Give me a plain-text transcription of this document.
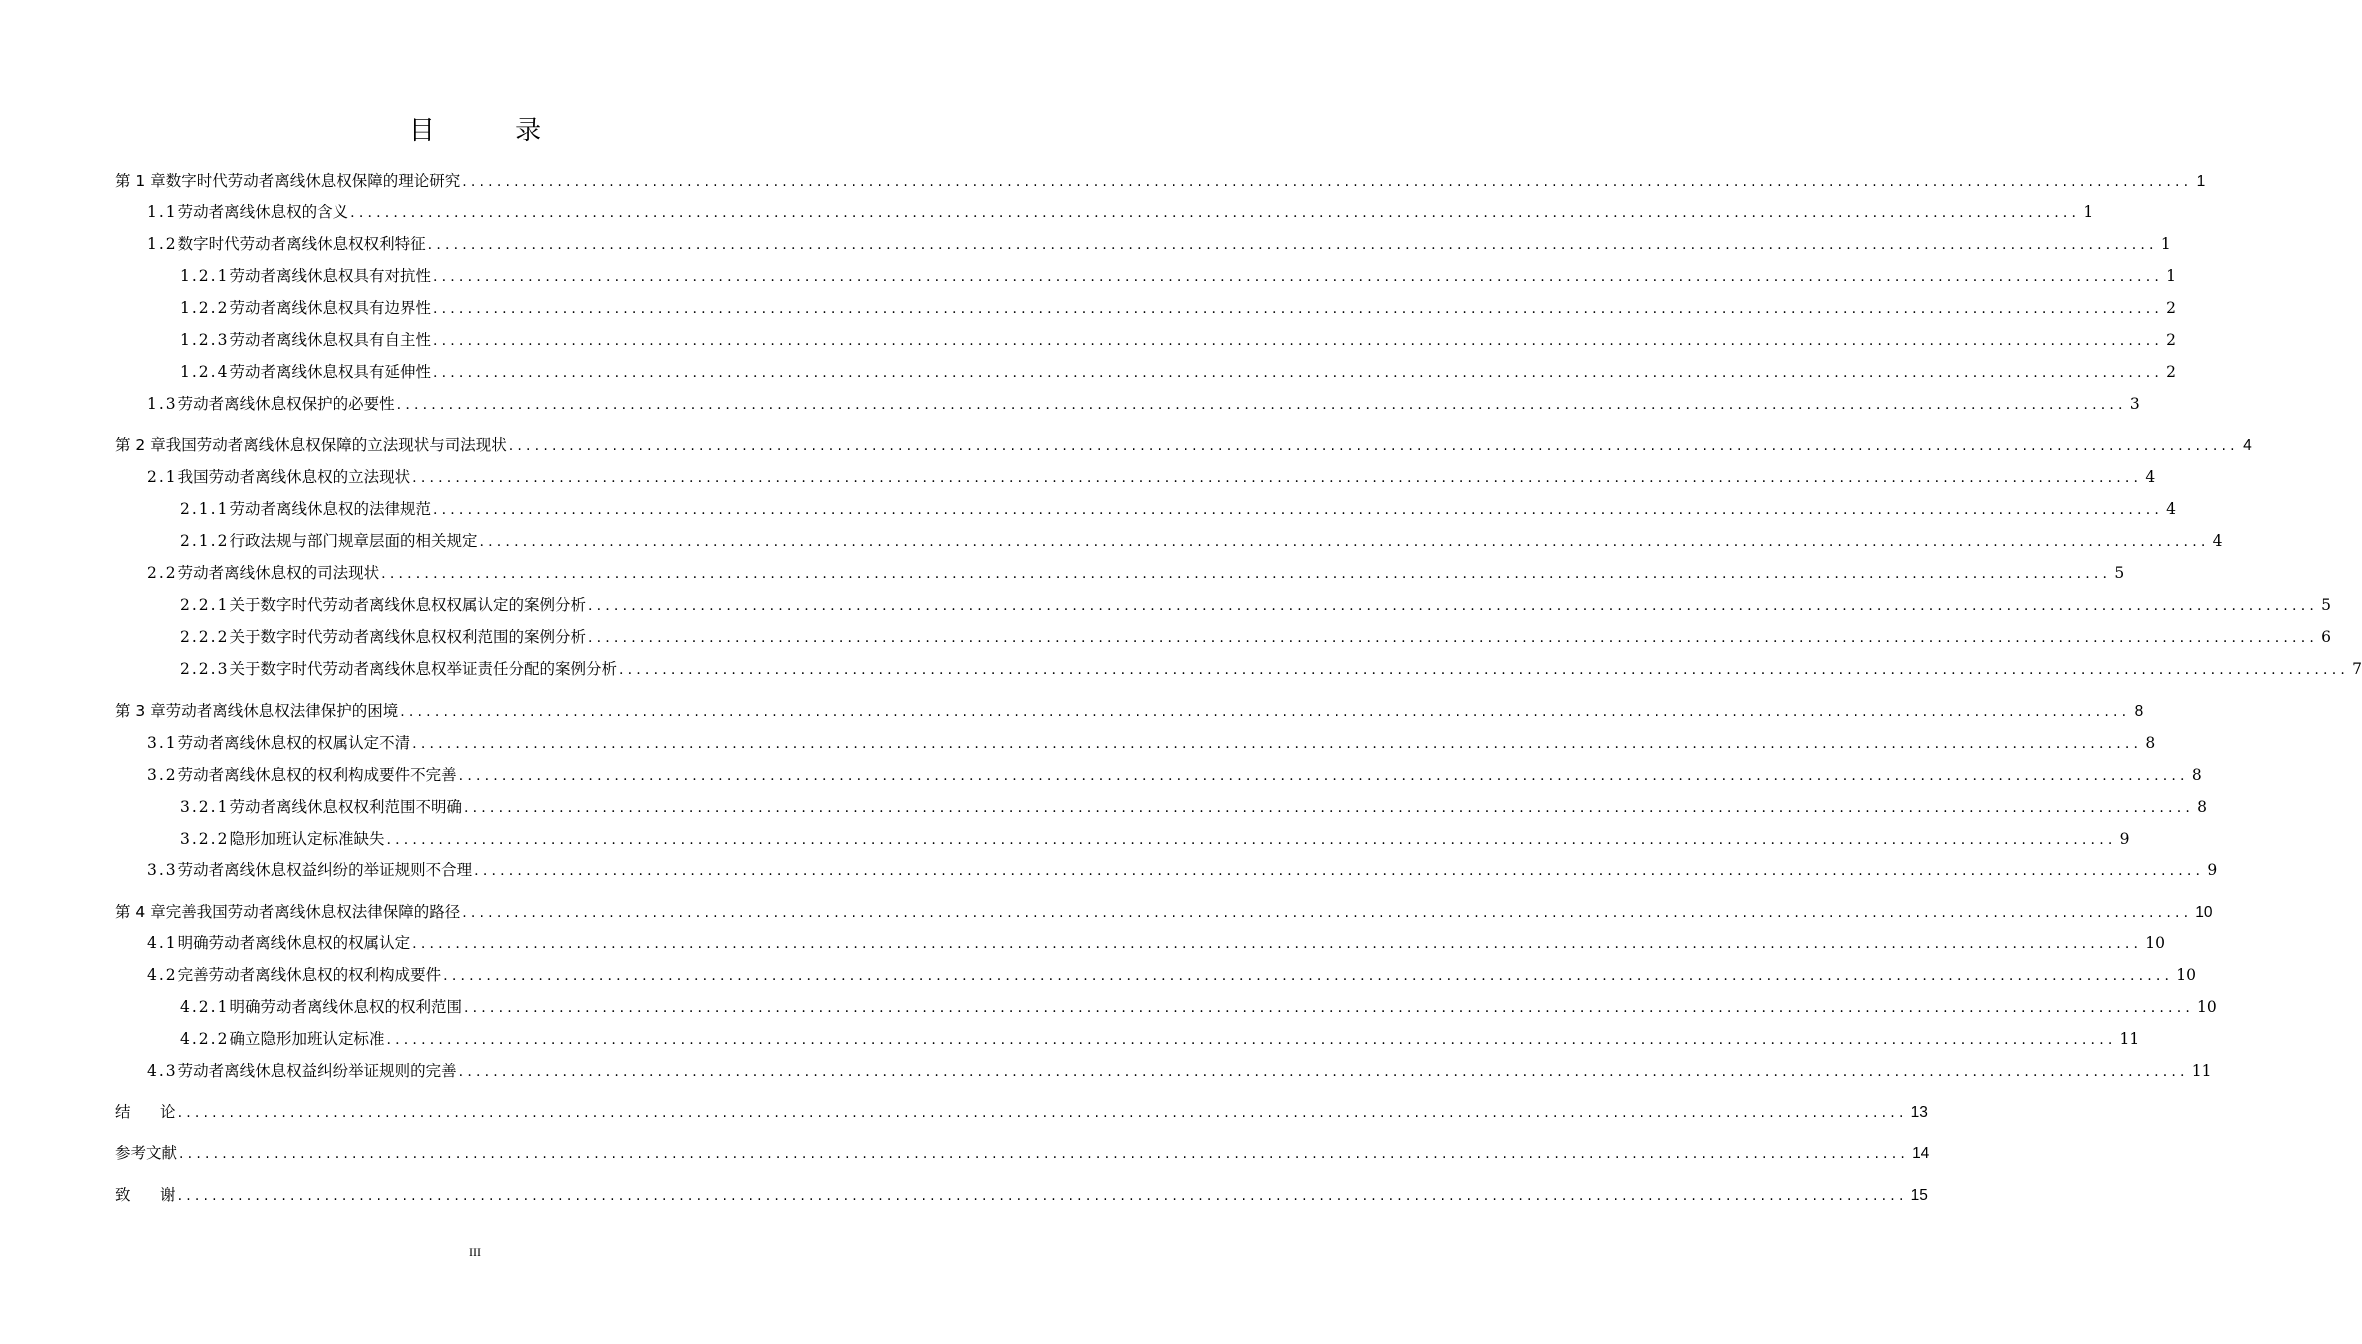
目 录
第 1 章 数字时代劳动者离线休息权保障的理论研究 ........................................................................................................................................................................................................ 1
1.1 劳动者离线休息权的含义 ........................................................................................................................................................................................................ 1
1.2 数字时代劳动者离线休息权权利特征 ........................................................................................................................................................................................................ 1
1.2.1 劳动者离线休息权具有对抗性 ........................................................................................................................................................................................................ 1
1.2.2 劳动者离线休息权具有边界性 ........................................................................................................................................................................................................ 2
1.2.3 劳动者离线休息权具有自主性 ........................................................................................................................................................................................................ 2
1.2.4 劳动者离线休息权具有延伸性 ........................................................................................................................................................................................................ 2
1.3 劳动者离线休息权保护的必要性 ........................................................................................................................................................................................................ 3
第 2 章 我国劳动者离线休息权保障的立法现状与司法现状 ........................................................................................................................................................................................................ 4
2.1 我国劳动者离线休息权的立法现状 ........................................................................................................................................................................................................ 4
2.1.1 劳动者离线休息权的法律规范 ........................................................................................................................................................................................................ 4
2.1.2 行政法规与部门规章层面的相关规定 ........................................................................................................................................................................................................ 4
2.2 劳动者离线休息权的司法现状 ........................................................................................................................................................................................................ 5
2.2.1 关于数字时代劳动者离线休息权权属认定的案例分析 ........................................................................................................................................................................................................ 5
2.2.2 关于数字时代劳动者离线休息权权利范围的案例分析 ........................................................................................................................................................................................................ 6
2.2.3 关于数字时代劳动者离线休息权举证责任分配的案例分析 ........................................................................................................................................................................................................ 7
第 3 章 劳动者离线休息权法律保护的困境 ........................................................................................................................................................................................................ 8
3.1 劳动者离线休息权的权属认定不清 ........................................................................................................................................................................................................ 8
3.2 劳动者离线休息权的权利构成要件不完善 ........................................................................................................................................................................................................ 8
3.2.1 劳动者离线休息权权利范围不明确 ........................................................................................................................................................................................................ 8
3.2.2 隐形加班认定标准缺失 ........................................................................................................................................................................................................ 9
3.3 劳动者离线休息权益纠纷的举证规则不合理 ........................................................................................................................................................................................................ 9
第 4 章 完善我国劳动者离线休息权法律保障的路径 ........................................................................................................................................................................................................ 10
4.1 明确劳动者离线休息权的权属认定 ........................................................................................................................................................................................................ 10
4.2 完善劳动者离线休息权的权利构成要件 ........................................................................................................................................................................................................ 10
4.2.1 明确劳动者离线休息权的权利范围 ........................................................................................................................................................................................................ 10
4.2.2 确立隐形加班认定标准 ........................................................................................................................................................................................................ 11
4.3 劳动者离线休息权益纠纷举证规则的完善 ........................................................................................................................................................................................................ 11
结      论 ........................................................................................................................................................................................................ 13
参考文献 ........................................................................................................................................................................................................ 14
致      谢 ........................................................................................................................................................................................................ 15
III
